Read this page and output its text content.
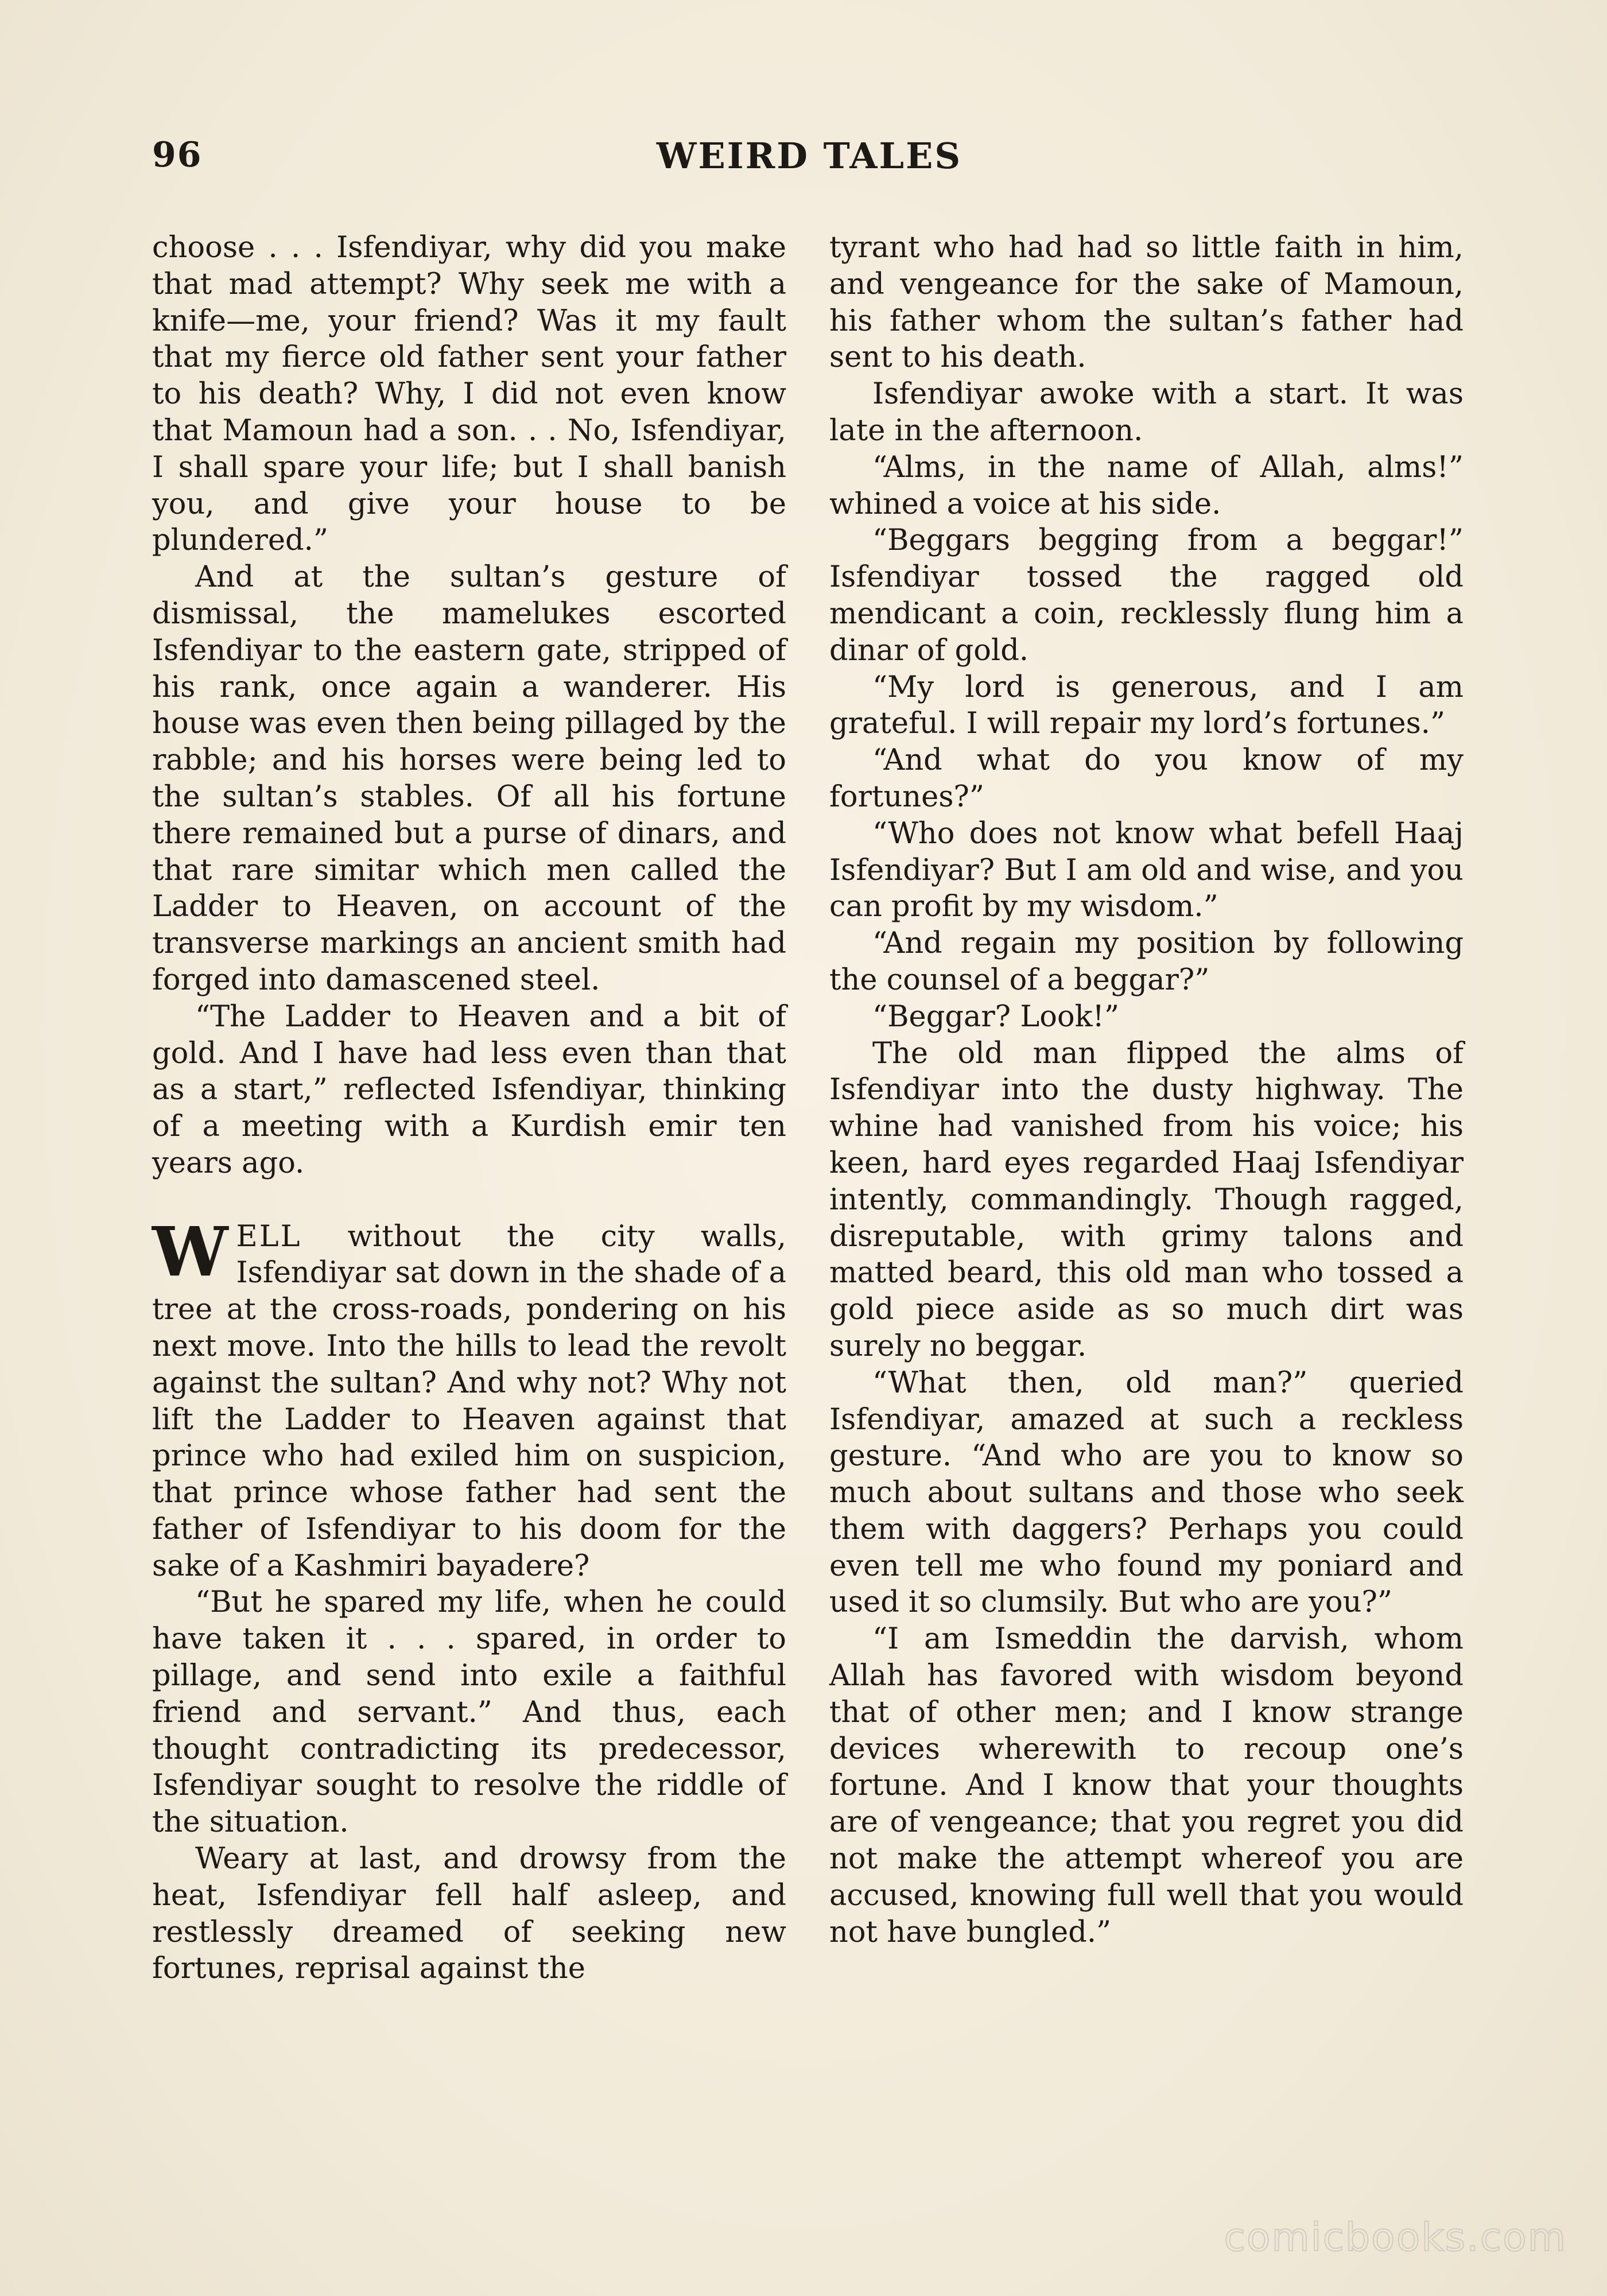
96	WEIRD TALES

choose . . . Isfendiyar, why did you make that mad attempt? Why seek me with a knife—me, your friend? Was it my fault that my fierce old father sent your father to his death? Why, I did not even know that Mamoun had a son. . . No, Isfendiyar, I shall spare your life; but I shall banish you, and give your house to be plundered.”

And at the sultan’s gesture of dismissal, the mamelukes escorted Isfendiyar to the eastern gate, stripped of his rank, once again a wanderer. His house was even then being pillaged by the rabble; and his horses were being led to the sultan’s stables. Of all his fortune there remained but a purse of dinars, and that rare simitar which men called the Ladder to Heaven, on account of the transverse markings an ancient smith had forged into damascened steel.

“The Ladder to Heaven and a bit of gold. And I have had less even than that as a start,” reflected Isfendiyar, thinking of a meeting with a Kurdish emir ten years ago.

WELL without the city walls, Isfendiyar sat down in the shade of a tree at the cross-roads, pondering on his next move. Into the hills to lead the revolt against the sultan? And why not? Why not lift the Ladder to Heaven against that prince who had exiled him on suspicion, that prince whose father had sent the father of Isfendiyar to his doom for the sake of a Kashmiri bayadere?

“But he spared my life, when he could have taken it . . . spared, in order to pillage, and send into exile a faithful friend and servant.” And thus, each thought contradicting its predecessor, Isfendiyar sought to resolve the riddle of the situation.

Weary at last, and drowsy from the heat, Isfendiyar fell half asleep, and restlessly dreamed of seeking new fortunes, reprisal against the

tyrant who had had so little faith in him, and vengeance for the sake of Mamoun, his father whom the sultan’s father had sent to his death.

Isfendiyar awoke with a start. It was late in the afternoon.

“Alms, in the name of Allah, alms!” whined a voice at his side.

“Beggars begging from a beggar!” Isfendiyar tossed the ragged old mendicant a coin, recklessly flung him a dinar of gold.

“My lord is generous, and I am grateful. I will repair my lord’s fortunes.”

“And what do you know of my fortunes?”

“Who does not know what befell Haaj Isfendiyar? But I am old and wise, and you can profit by my wisdom.”

“And regain my position by following the counsel of a beggar?”

“Beggar? Look!”

The old man flipped the alms of Isfendiyar into the dusty highway. The whine had vanished from his voice; his keen, hard eyes regarded Haaj Isfendiyar intently, commandingly. Though ragged, disreputable, with grimy talons and matted beard, this old man who tossed a gold piece aside as so much dirt was surely no beggar.

“What then, old man?” queried Isfendiyar, amazed at such a reckless gesture. “And who are you to know so much about sultans and those who seek them with daggers? Perhaps you could even tell me who found my poniard and used it so clumsily. But who are you?”

“I am Ismeddin the darvish, whom Allah has favored with wisdom beyond that of other men; and I know strange devices wherewith to recoup one’s fortune. And I know that your thoughts are of vengeance; that you regret you did not make the attempt whereof you are accused, knowing full well that you would not have bungled.”

comicbooks.com
